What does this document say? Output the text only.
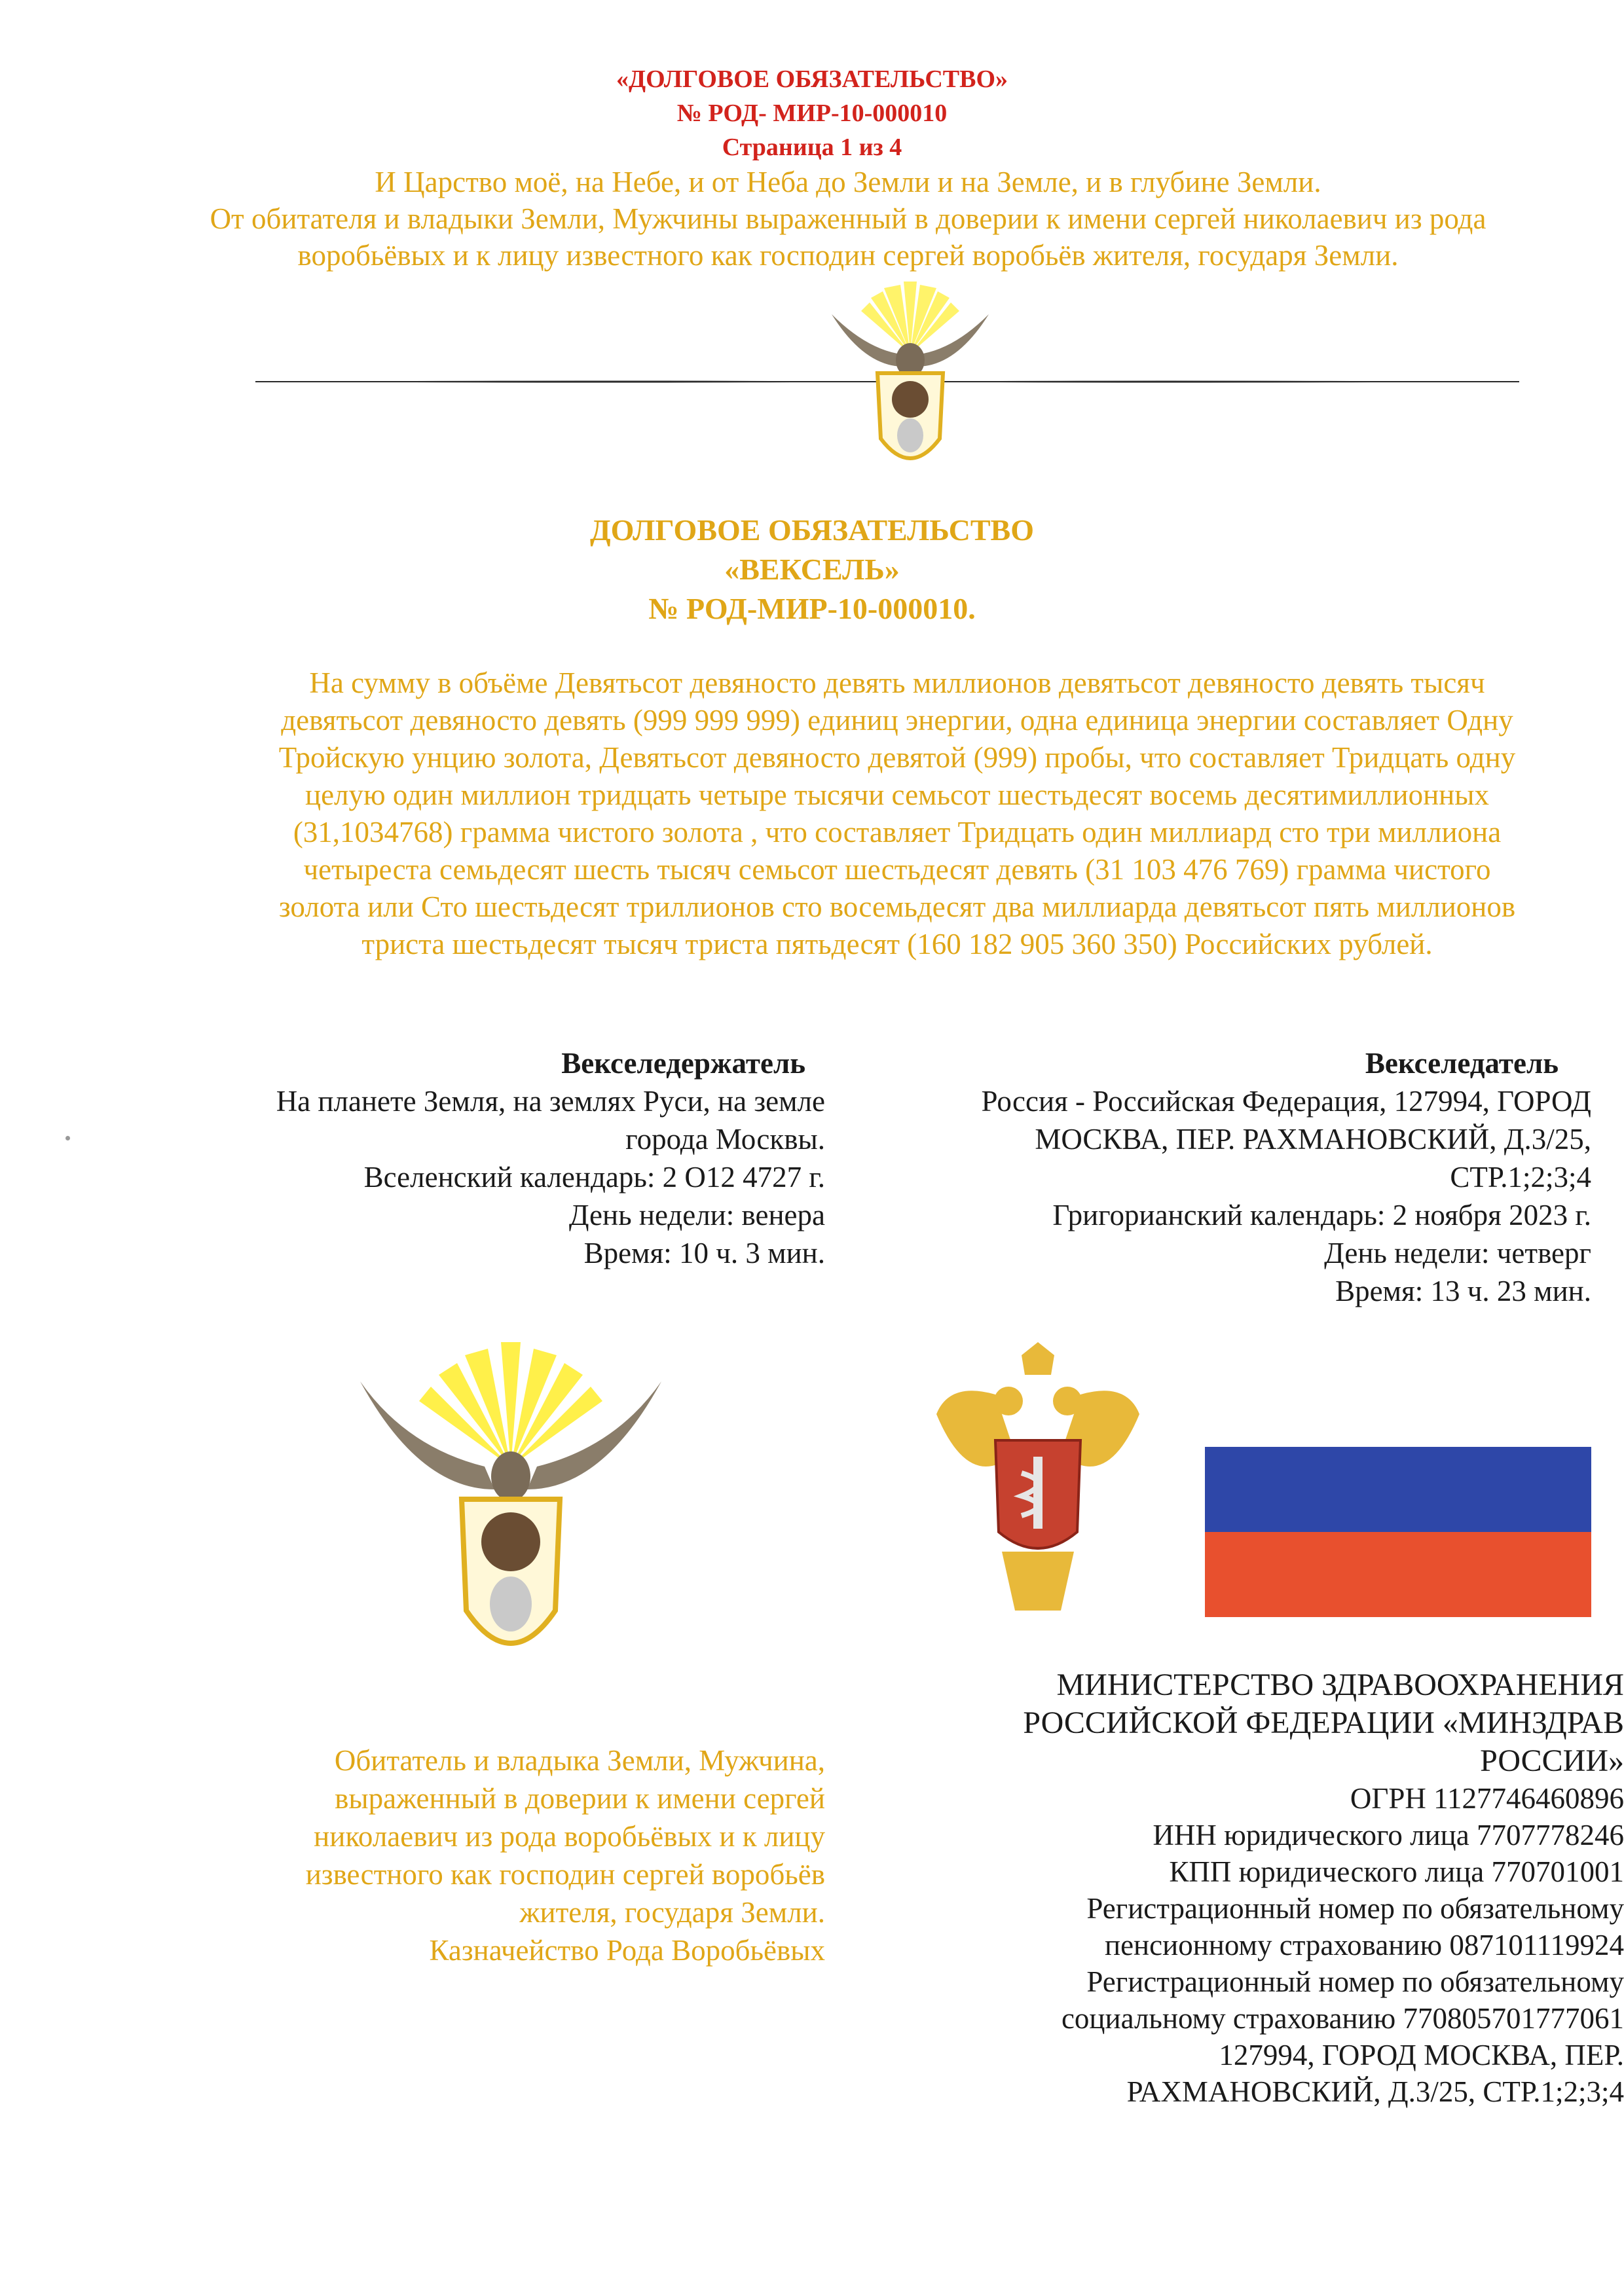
«ДОЛГОВОЕ ОБЯЗАТЕЛЬСТВО»
№ РОД- МИР-10-000010
Страница 1 из 4
И Царство моё, на Небе, и от Неба до Земли и на Земле, и в глубине Земли.
От обитателя и владыки Земли, Мужчины выраженный в доверии к имени сергей николаевич из рода
воробьёвых и к лицу известного как господин сергей воробьёв жителя, государя Земли.
ДОЛГОВОЕ ОБЯЗАТЕЛЬСТВО
«ВЕКСЕЛЬ»
№ РОД-МИР-10-000010.
На сумму в объёме Девятьсот девяносто девять миллионов девятьсот девяносто девять тысяч
девятьсот девяносто девять (999 999 999) единиц энергии, одна единица энергии составляет Одну
Тройскую унцию золота, Девятьсот девяносто девятой (999) пробы, что составляет Тридцать одну
целую один миллион тридцать четыре тысячи семьсот шестьдесят восемь десятимиллионных
(31,1034768) грамма чистого золота , что составляет Тридцать один миллиард сто три миллиона
четыреста семьдесят шесть тысяч семьсот шестьдесят девять (31 103 476 769) грамма чистого
золота или Сто шестьдесят триллионов сто восемьдесят два миллиарда девятьсот пять миллионов
триста шестьдесят тысяч триста пятьдесят (160 182 905 360 350) Российских рублей.
Векселедержатель
На планете Земля, на землях Руси, на земле
города Москвы.
Вселенский календарь: 2 О12 4727 г.
День недели: венера
Время: 10 ч. 3 мин.
Векселедатель
Россия - Российская Федерация, 127994, ГОРОД
МОСКВА, ПЕР. РАХМАНОВСКИЙ, Д.3/25,
СТР.1;2;3;4
Григорианский календарь: 2 ноября 2023 г.
День недели: четверг
Время: 13 ч. 23 мин.
Обитатель и владыка Земли, Мужчина,
выраженный в доверии к имени сергей
николаевич из рода воробьёвых и к лицу
известного как господин сергей воробьёв
жителя, государя Земли.
Казначейство Рода Воробьёвых
МИНИСТЕРСТВО ЗДРАВООХРАНЕНИЯ
РОССИЙСКОЙ ФЕДЕРАЦИИ «МИНЗДРАВ
РОССИИ»
ОГРН 1127746460896
ИНН юридического лица 7707778246
КПП юридического лица 770701001
Регистрационный номер по обязательному
пенсионному страхованию 087101119924
Регистрационный номер по обязательному
социальному страхованию 770805701777061
127994, ГОРОД МОСКВА, ПЕР.
РАХМАНОВСКИЙ, Д.3/25, СТР.1;2;3;4
